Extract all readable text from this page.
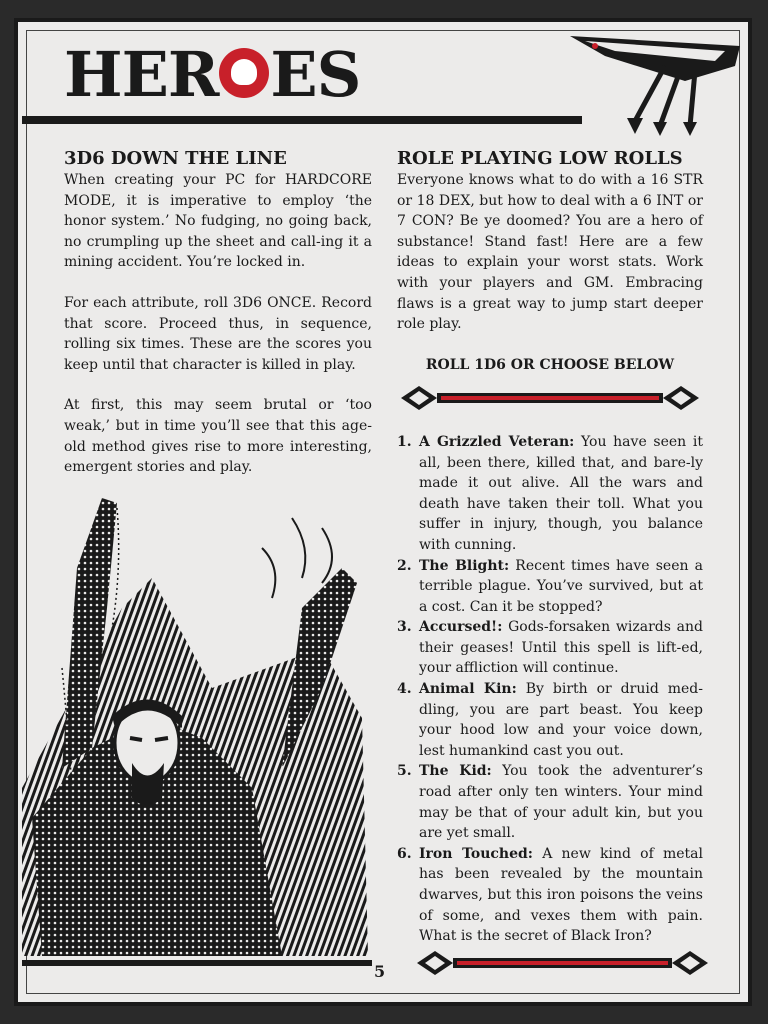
HER ES
3D6 DOWN THE LINE

When creating your PC for HARDCORE MODE, it is imperative to employ ‘the honor system.’ No fudging, no going back, no crumpling up the sheet and call-ing it a mining accident. You’re locked in.

For each attribute, roll 3D6 ONCE. Record that score. Proceed thus, in sequence, rolling six times. These are the scores you keep until that character is killed in play.

At first, this may seem brutal or ‘too weak,’ but in time you’ll see that this age-old method gives rise to more interesting, emergent stories and play.

ROLE PLAYING LOW ROLLS

Everyone knows what to do with a 16 STR or 18 DEX, but how to deal with a 6 INT or 7 CON? Be ye doomed? You are a hero of substance! Stand fast! Here are a few ideas to explain your worst stats. Work with your players and GM. Embracing flaws is a great way to jump start deeper role play.

ROLL 1D6 OR CHOOSE BELOW
1. A Grizzled Veteran: You have seen it all, been there, killed that, and bare-ly made it out alive. All the wars and death have taken their toll. What you suffer in injury, though, you balance with cunning.
2. The Blight: Recent times have seen a terrible plague. You’ve survived, but at a cost. Can it be stopped?
3. Accursed!: Gods-forsaken wizards and their geases! Until this spell is lift-ed, your affliction will continue.
4. Animal Kin: By birth or druid med-dling, you are part beast. You keep your hood low and your voice down, lest humankind cast you out.
5. The Kid: You took the adventurer’s road after only ten winters. Your mind may be that of your adult kin, but you are yet small.
6. Iron Touched: A new kind of metal has been revealed by the mountain dwarves, but this iron poisons the veins of some, and vexes them with pain. What is the secret of Black Iron?
5
